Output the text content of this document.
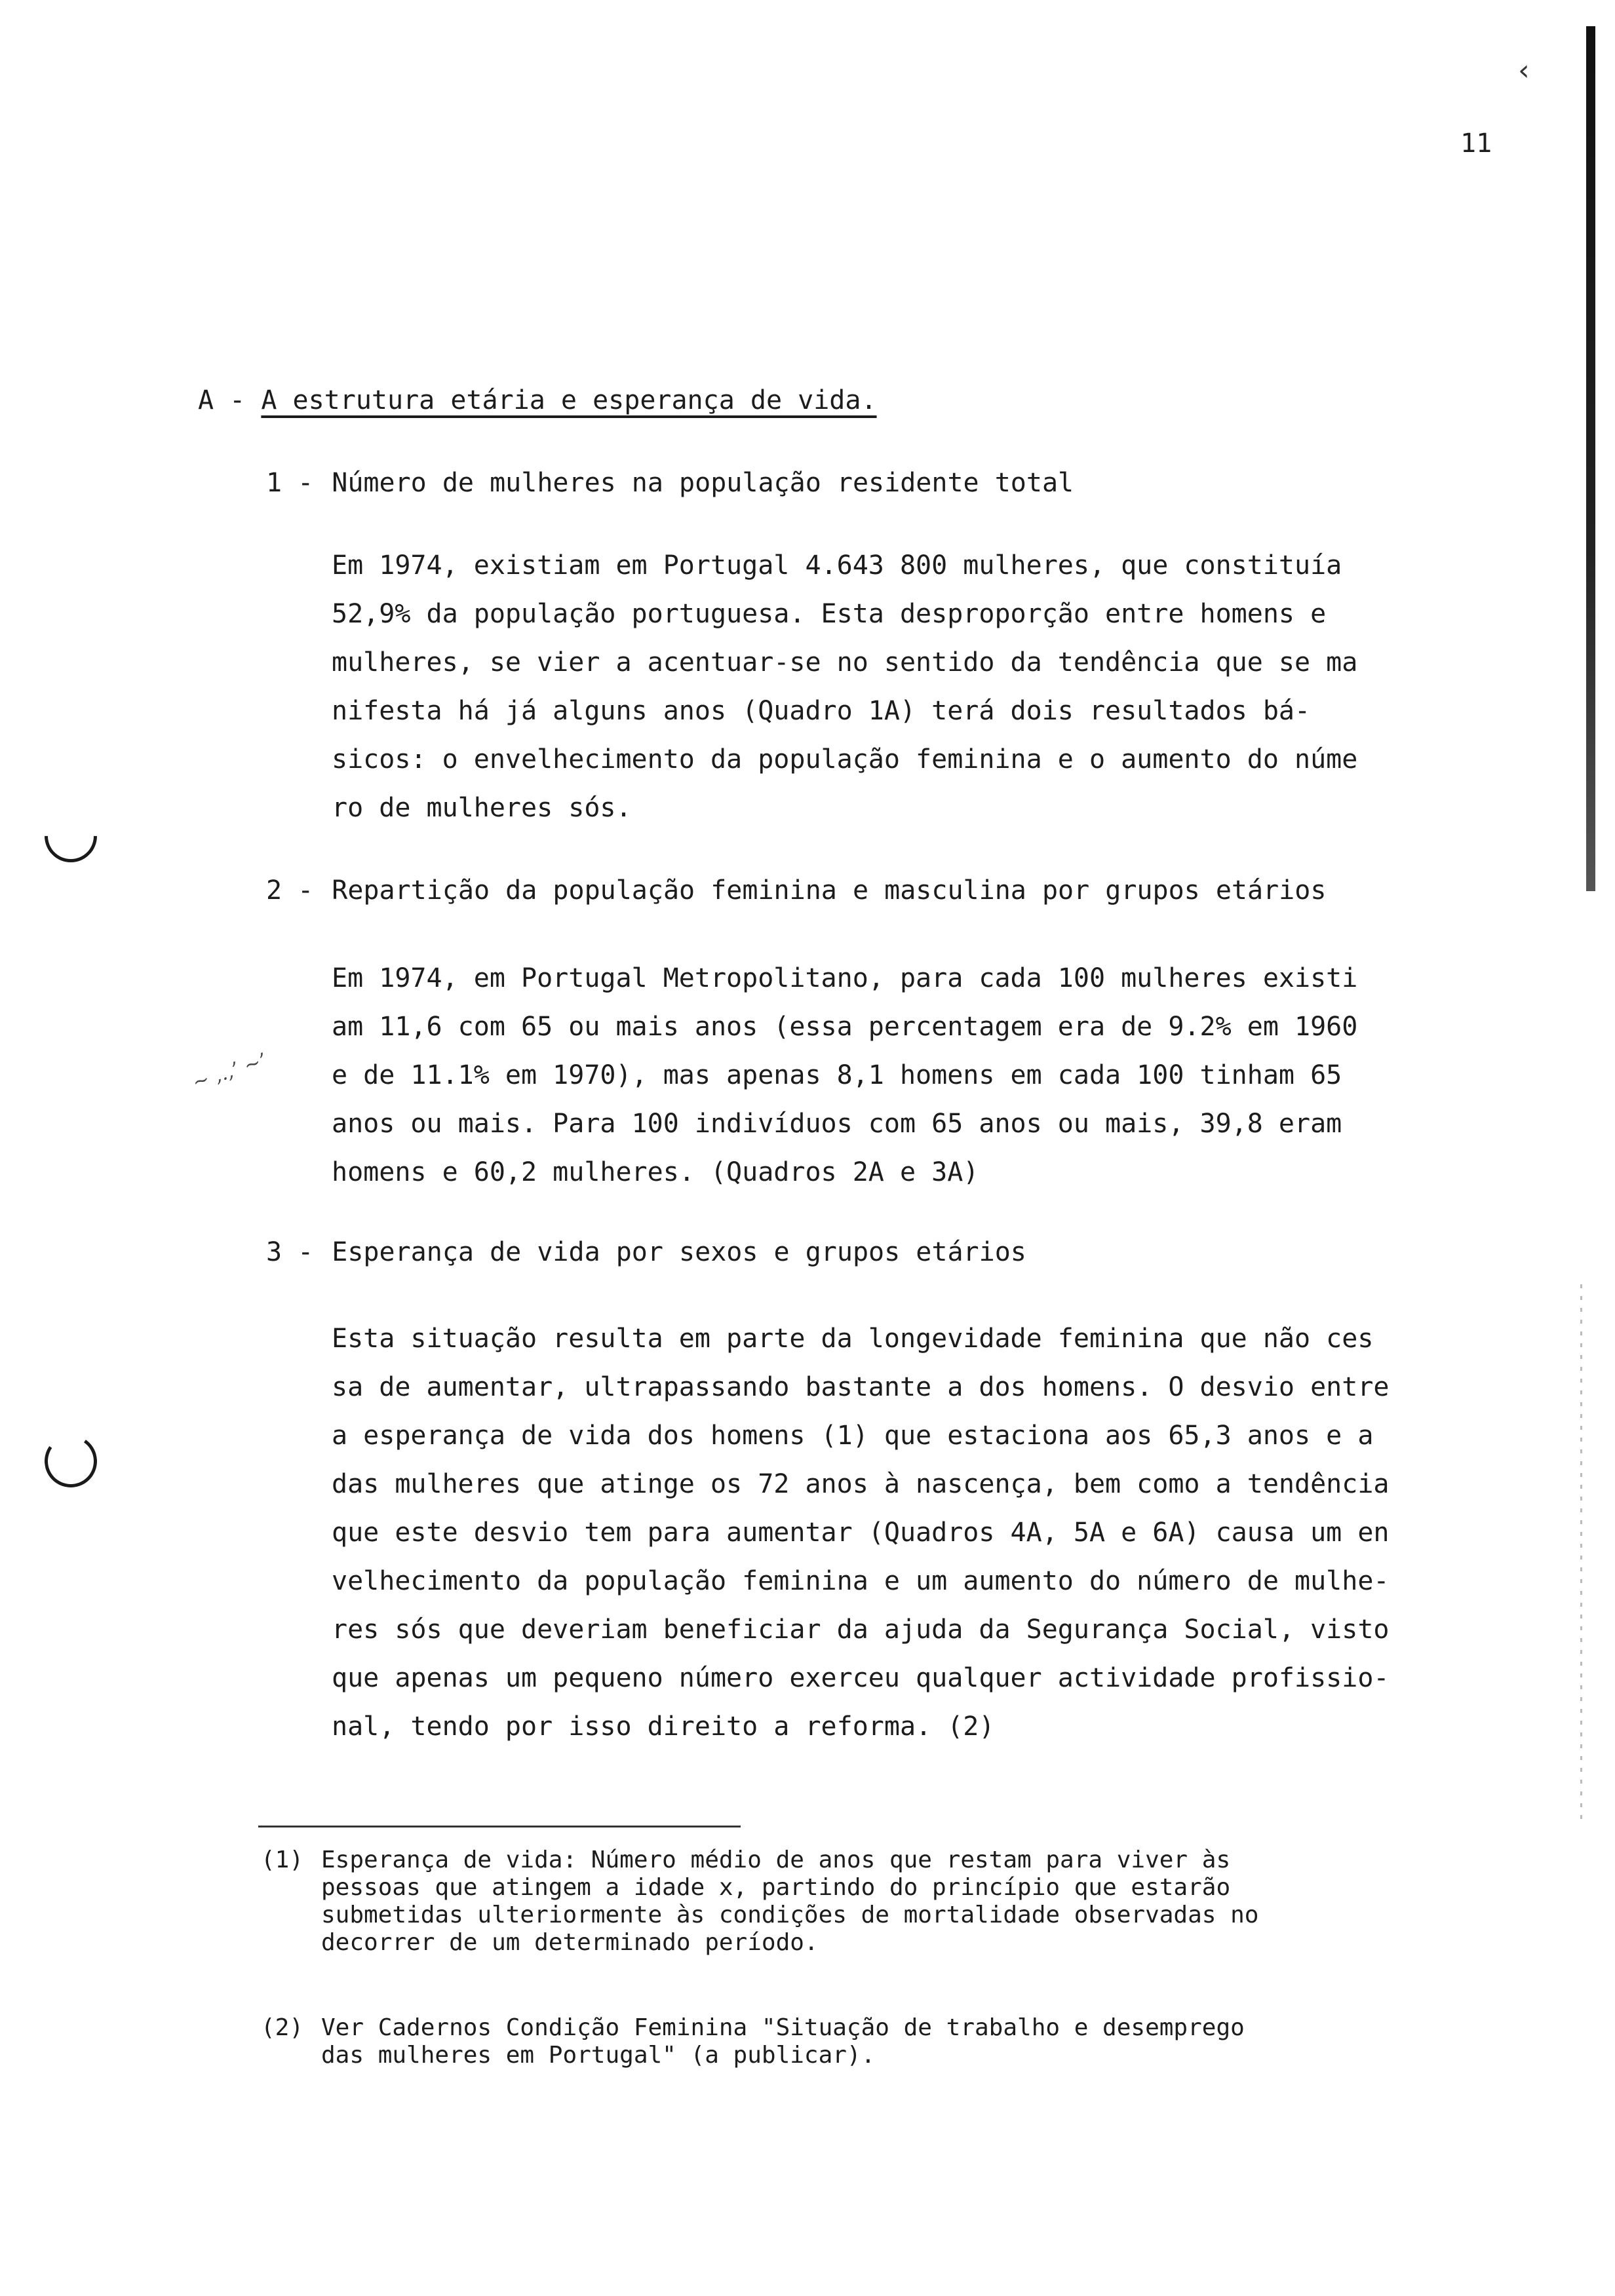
‹
11
~ ,.,’ ~’
A - A estrutura etária e esperança de vida.
1 - Número de mulheres na população residente total
Em 1974, existiam em Portugal 4.643 800 mulheres, que constituía
52,9% da população portuguesa. Esta desproporção entre homens e
mulheres, se vier a acentuar-se no sentido da tendência que se ma
nifesta há já alguns anos (Quadro 1A) terá dois resultados bá-
sicos: o envelhecimento da população feminina e o aumento do núme
ro de mulheres sós.
2 - Repartição da população feminina e masculina por grupos etários
Em 1974, em Portugal Metropolitano, para cada 100 mulheres existi
am 11,6 com 65 ou mais anos (essa percentagem era de 9.2% em 1960
e de 11.1% em 1970), mas apenas 8,1 homens em cada 100 tinham 65
anos ou mais. Para 100 indivíduos com 65 anos ou mais, 39,8 eram
homens e 60,2 mulheres. (Quadros 2A e 3A)
3 - Esperança de vida por sexos e grupos etários
Esta situação resulta em parte da longevidade feminina que não ces
sa de aumentar, ultrapassando bastante a dos homens. O desvio entre
a esperança de vida dos homens (1) que estaciona aos 65,3 anos e a
das mulheres que atinge os 72 anos à nascença, bem como a tendência
que este desvio tem para aumentar (Quadros 4A, 5A e 6A) causa um en
velhecimento da população feminina e um aumento do número de mulhe-
res sós que deveriam beneficiar da ajuda da Segurança Social, visto
que apenas um pequeno número exerceu qualquer actividade profissio-
nal, tendo por isso direito a reforma. (2)
(1) Esperança de vida: Número médio de anos que restam para viver às
pessoas que atingem a idade x, partindo do princípio que estarão
submetidas ulteriormente às condições de mortalidade observadas no
decorrer de um determinado período.
(2) Ver Cadernos Condição Feminina "Situação de trabalho e desemprego
das mulheres em Portugal" (a publicar).
